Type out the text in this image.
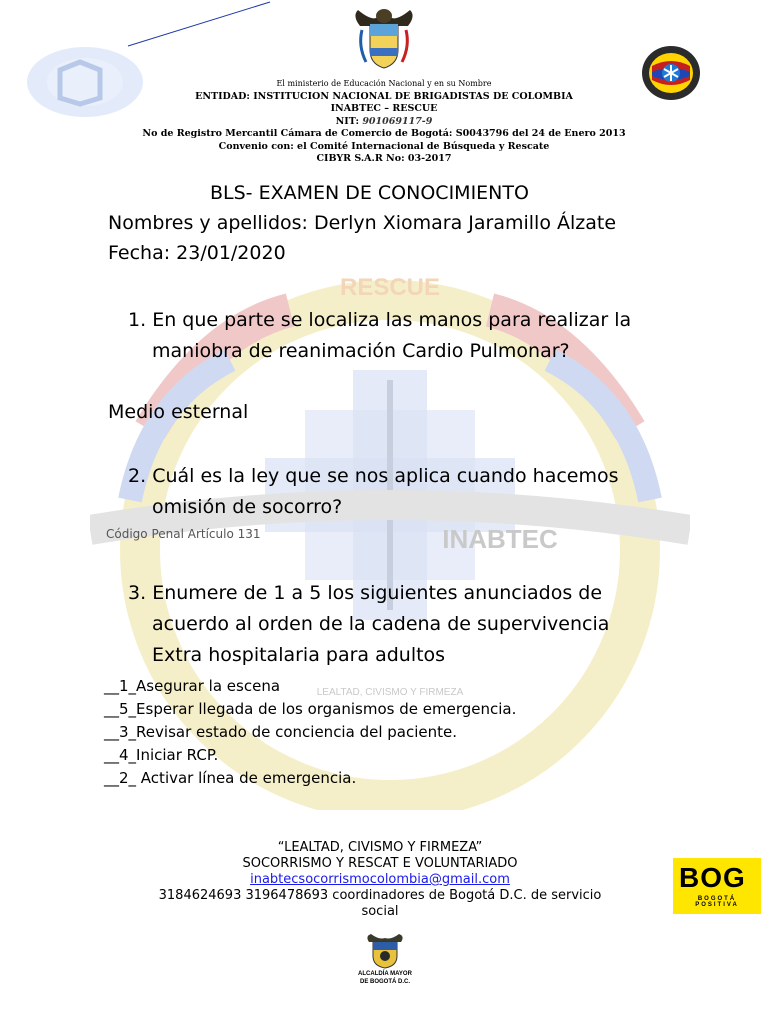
El ministerio de Educación Nacional y en su Nombre
ENTIDAD: INSTITUCION NACIONAL DE BRIGADISTAS DE COLOMBIA
INABTEC – RESCUE
NIT: 901069117-9
No de Registro Mercantil Cámara de Comercio de Bogotá: S0043796 del 24 de Enero 2013
Convenio con: el Comité Internacional de Búsqueda y Rescate
CIBYR S.A.R No: 03-2017
RESCUE
INABTEC
LEALTAD, CIVISMO Y FIRMEZA
BLS- EXAMEN DE CONOCIMIENTO
Nombres y apellidos: Derlyn Xiomara Jaramillo Álzate
Fecha: 23/01/2020
1. En que parte se localiza las manos para realizar la
maniobra de reanimación Cardio Pulmonar?
Medio esternal
2. Cuál es la ley que se nos aplica cuando hacemos
omisión de socorro?
Código Penal Artículo 131
3. Enumere de 1 a 5 los siguientes anunciados de
acuerdo al orden de la cadena de supervivencia
Extra hospitalaria para adultos
__1_Asegurar la escena
__5_Esperar llegada de los organismos de emergencia.
__3_Revisar estado de conciencia del paciente.
__4_Iniciar RCP.
__2_ Activar línea de emergencia.
“LEALTAD, CIVISMO Y FIRMEZA”
SOCORRISMO Y RESCAT E VOLUNTARIADO
inabtecsocorrismocolombia@gmail.com
3184624693 3196478693 coordinadores de Bogotá D.C. de servicio
social
BOG
BOGOTÁ POSITIVA
ALCALDÍA MAYOR
DE BOGOTÁ D.C.
